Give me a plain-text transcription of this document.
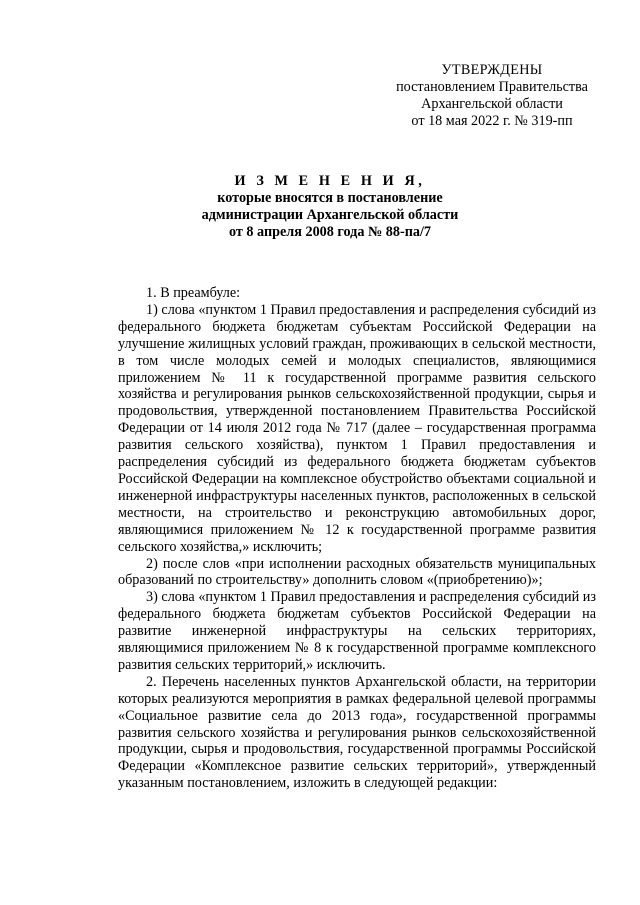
УТВЕРЖДЕНЫ
постановлением Правительства
Архангельской области
от 18 мая 2022 г. № 319-пп
И З М Е Н Е Н И Я,
которые вносятся в постановление
администрации Архангельской области
от 8 апреля 2008 года № 88-па/7

1. В преамбуле:

1) слова «пунктом 1 Правил предоставления и распределения субсидий из федерального бюджета бюджетам субъектам Российской Федерации на улучшение жилищных условий граждан, проживающих в сельской местности, в том числе молодых семей и молодых специалистов, являющимися приложением № 11 к государственной программе развития сельского хозяйства и регулирования рынков сельскохозяйственной продукции, сырья и продовольствия, утвержденной постановлением Правительства Российской Федерации от 14 июля 2012 года № 717 (далее – государственная программа развития сельского хозяйства), пунктом 1 Правил предоставления и распределения субсидий из федерального бюджета бюджетам субъектов Российской Федерации на комплексное обустройство объектами социальной и инженерной инфраструктуры населенных пунктов, расположенных в сельской местности, на строительство и реконструкцию автомобильных дорог, являющимися приложением № 12 к государственной программе развития сельского хозяйства,» исключить;

2) после слов «при исполнении расходных обязательств муниципальных образований по строительству» дополнить словом «(приобретению)»;

3) слова «пунктом 1 Правил предоставления и распределения субсидий из федерального бюджета бюджетам субъектов Российской Федерации на развитие инженерной инфраструктуры на сельских территориях, являющимися приложением № 8 к государственной программе комплексного развития сельских территорий,» исключить.

2. Перечень населенных пунктов Архангельской области, на территории которых реализуются мероприятия в рамках федеральной целевой программы «Социальное развитие села до 2013 года», государственной программы развития сельского хозяйства и регулирования рынков сельскохозяйственной продукции, сырья и продовольствия, государственной программы Российской Федерации «Комплексное развитие сельских территорий», утвержденный указанным постановлением, изложить в следующей редакции:
